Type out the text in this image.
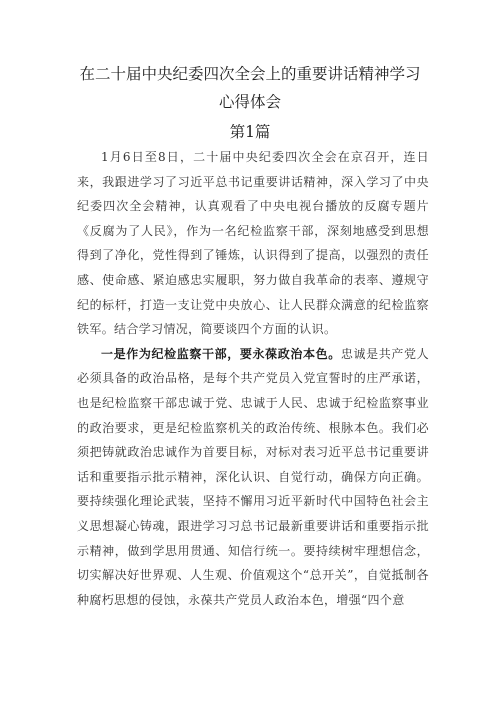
在二十届中央纪委四次全会上的重要讲话精神学习
心得体会
第1篇

1月6日至8日，二十届中央纪委四次全会在京召开，连日来，我跟进学习了习近平总书记重要讲话精神，深入学习了中央纪委四次全会精神，认真观看了中央电视台播放的反腐专题片《反腐为了人民》，作为一名纪检监察干部，深刻地感受到思想得到了净化，党性得到了锤炼，认识得到了提高，以强烈的责任感、使命感、紧迫感忠实履职，努力做自我革命的表率、遵规守纪的标杆，打造一支让党中央放心、让人民群众满意的纪检监察铁军。结合学习情况，简要谈四个方面的认识。

一是作为纪检监察干部，要永葆政治本色。忠诚是共产党人必须具备的政治品格，是每个共产党员入党宣誓时的庄严承诺，也是纪检监察干部忠诚于党、忠诚于人民、忠诚于纪检监察事业的政治要求，更是纪检监察机关的政治传统、根脉本色。我们必须把铸就政治忠诚作为首要目标，对标对表习近平总书记重要讲话和重要指示批示精神，深化认识、自觉行动，确保方向正确。要持续强化理论武装，坚持不懈用习近平新时代中国特色社会主义思想凝心铸魂，跟进学习习总书记最新重要讲话和重要指示批示精神，做到学思用贯通、知信行统一。要持续树牢理想信念，切实解决好世界观、人生观、价值观这个“总开关”，自觉抵制各种腐朽思想的侵蚀，永葆共产党员人政治本色，增强“四个意
